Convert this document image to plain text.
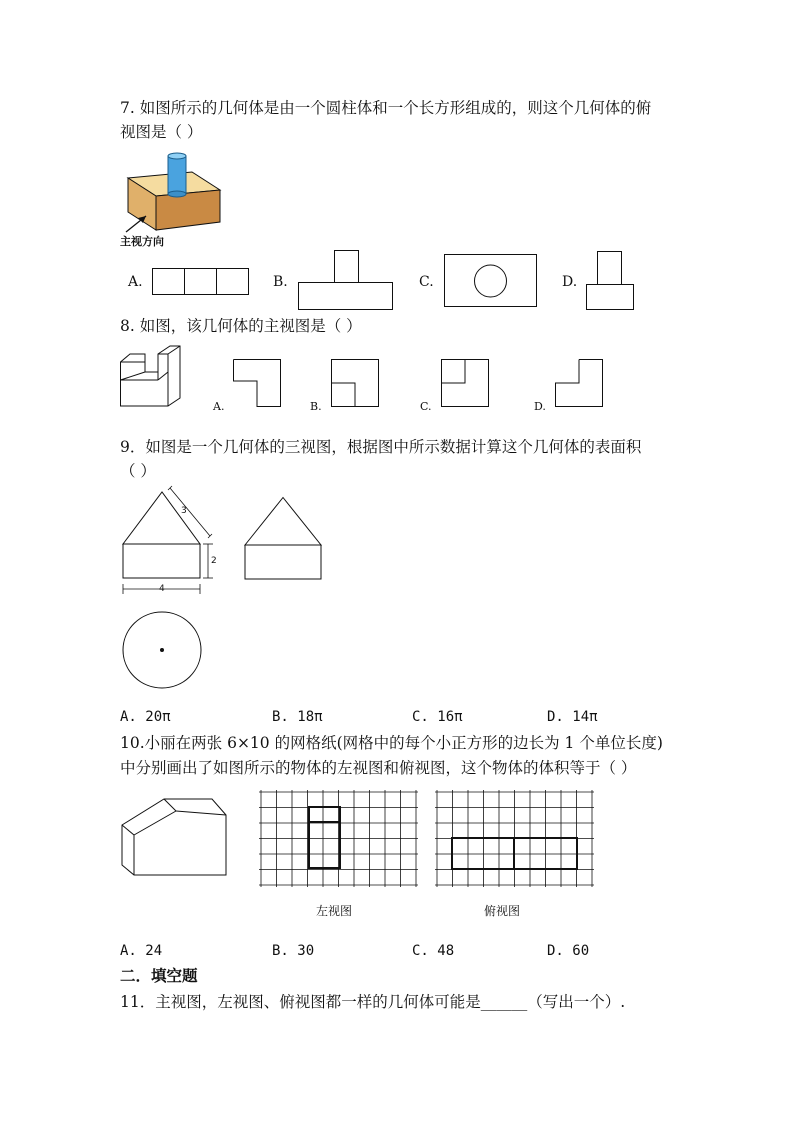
7. 如图所示的几何体是由一个圆柱体和一个长方形组成的，则这个几何体的俯
视图是（ ）
主视方向
A.	B.	C.	D.
8. 如图，该几何体的主视图是（ ）
A.	B.	C.	D.
9．如图是一个几何体的三视图，根据图中所示数据计算这个几何体的表面积
（ ）
3
2
4
A. 20π	B. 18π	C. 16π	D. 14π
10.小丽在两张 6×10 的网格纸(网格中的每个小正方形的边长为 1 个单位长度)
中分别画出了如图所示的物体的左视图和俯视图，这个物体的体积等于（ ）
左视图	俯视图
A. 24	B. 30	C. 48	D. 60
二．填空题
11．主视图，左视图、俯视图都一样的几何体可能是______（写出一个）.
